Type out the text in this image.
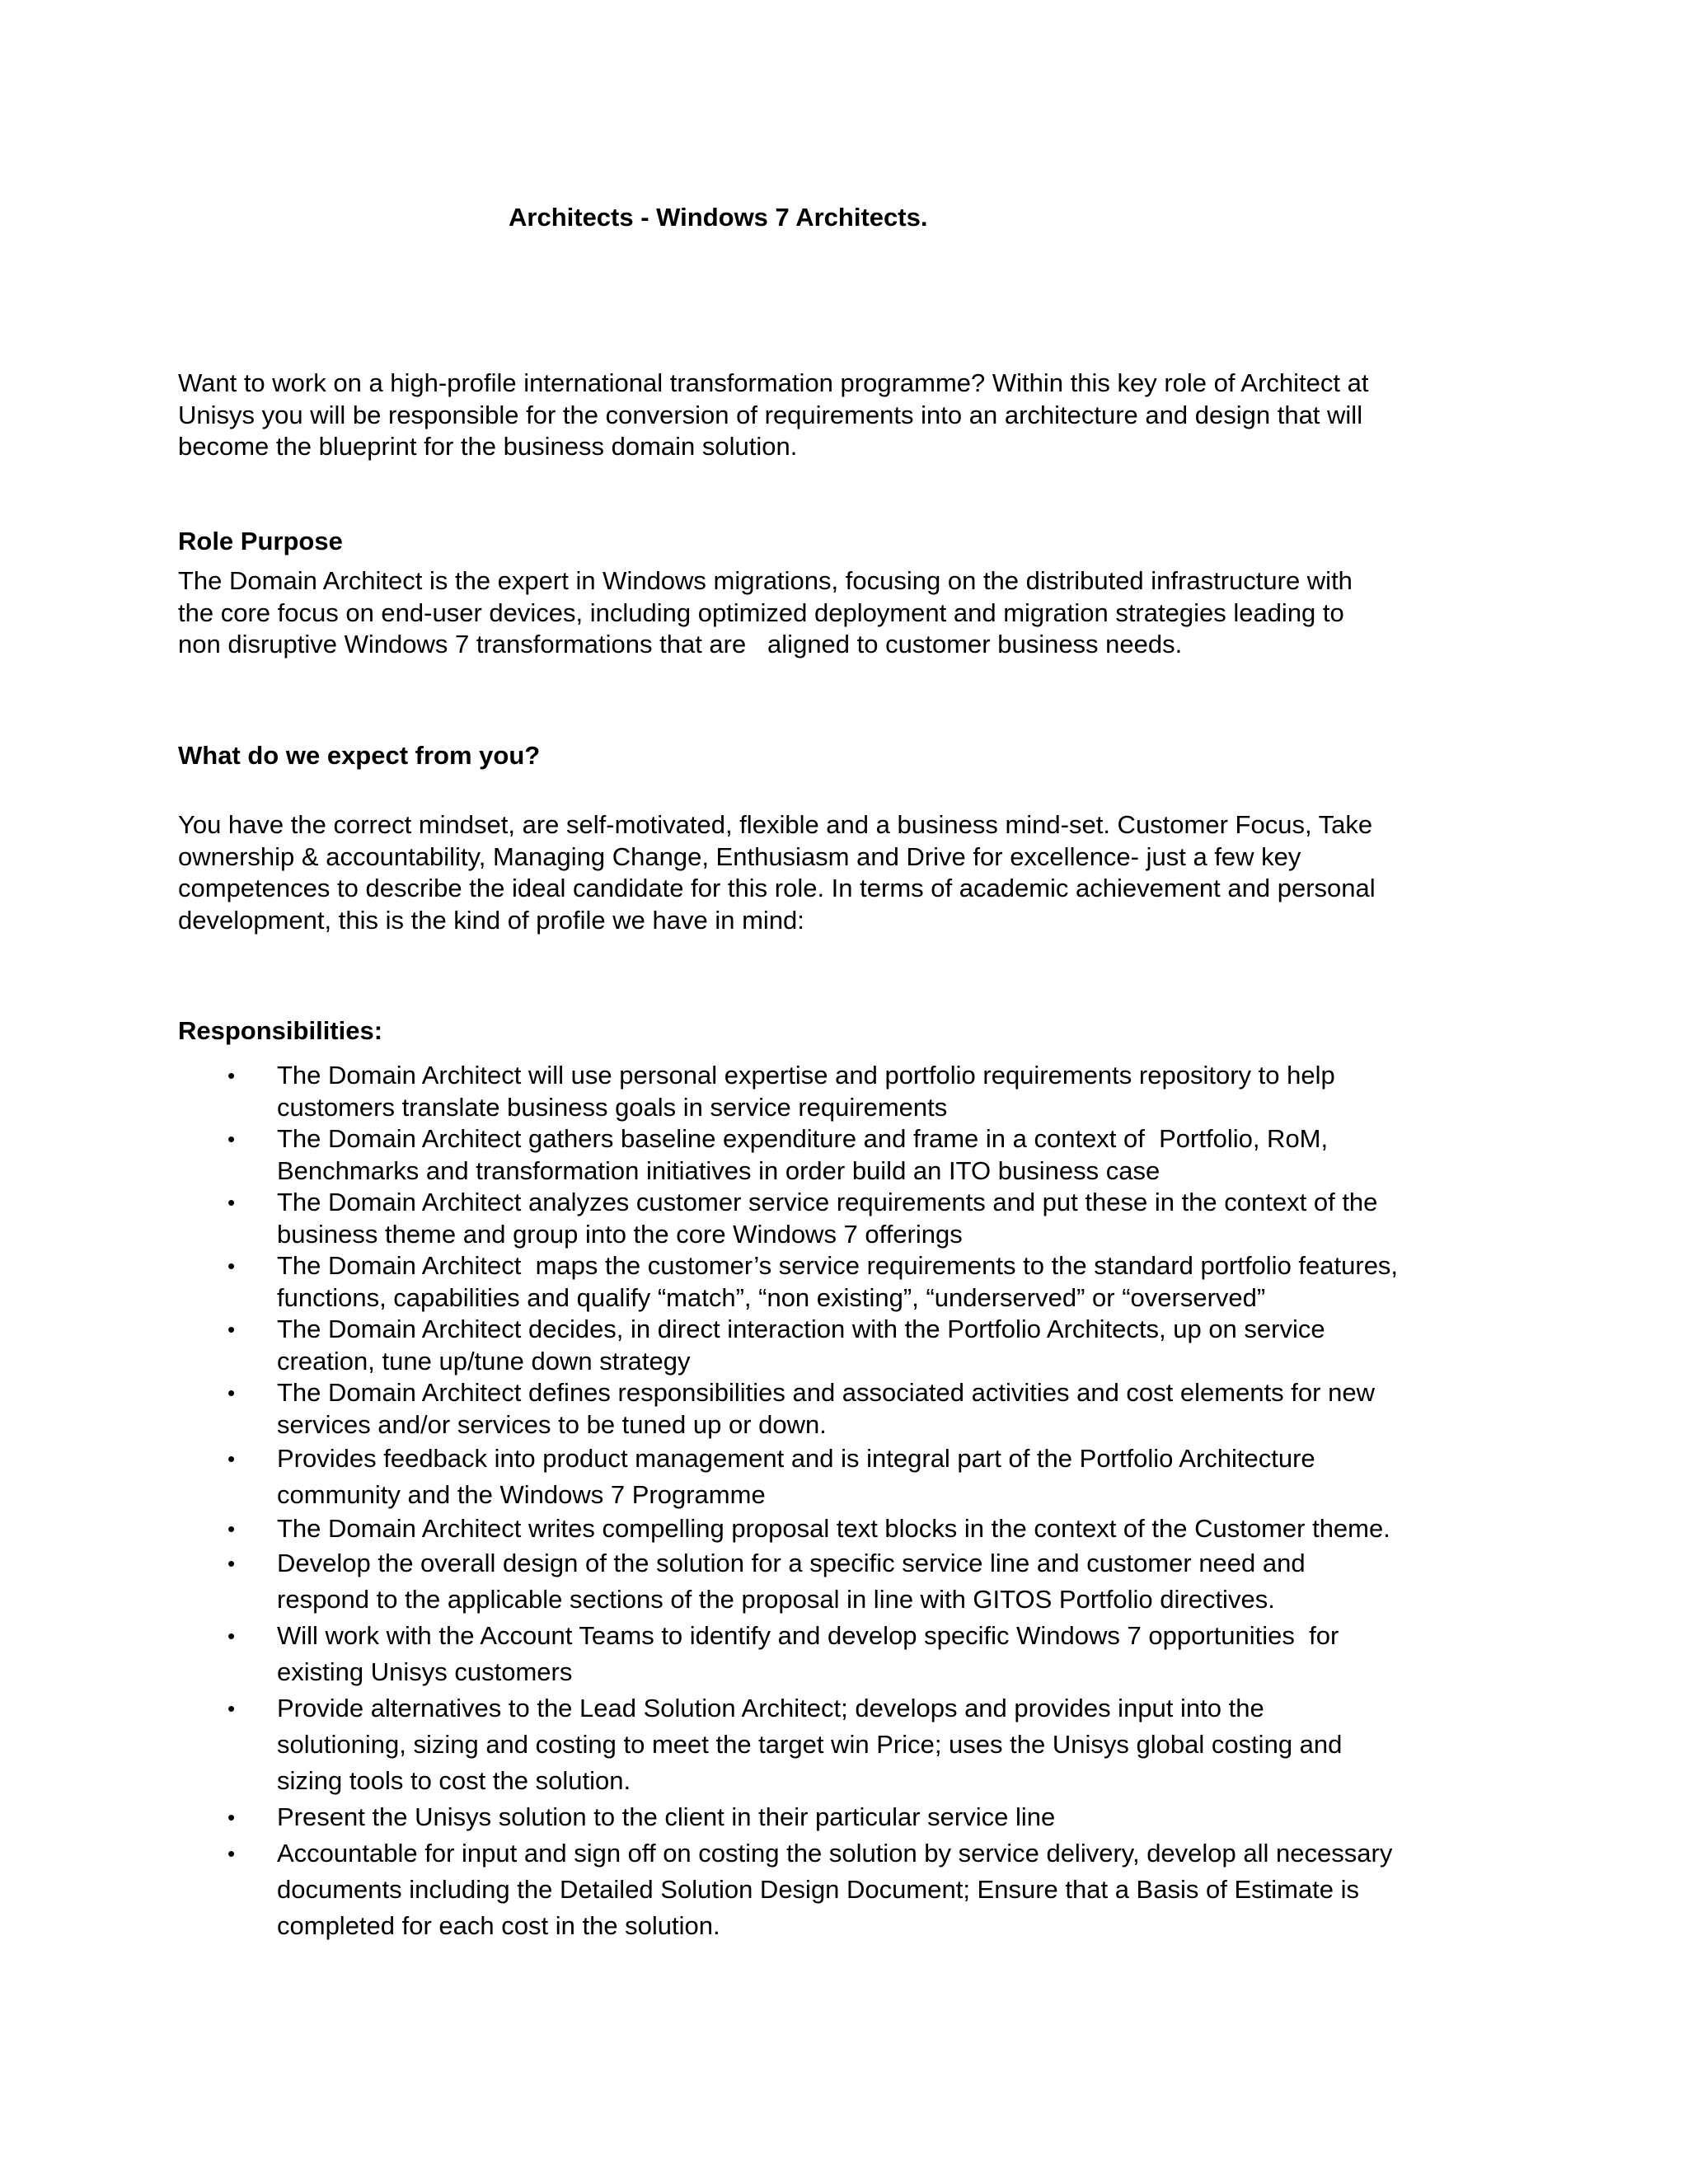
Architects - Windows 7 Architects.

Want to work on a high-profile international transformation programme? Within this key role of Architect at
Unisys you will be responsible for the conversion of requirements into an architecture and design that will
become the blueprint for the business domain solution.

Role Purpose

The Domain Architect is the expert in Windows migrations, focusing on the distributed infrastructure with
the core focus on end-user devices, including optimized deployment and migration strategies leading to
non disruptive Windows 7 transformations that are   aligned to customer business needs.

What do we expect from you?

You have the correct mindset, are self-motivated, flexible and a business mind-set. Customer Focus, Take
ownership & accountability, Managing Change, Enthusiasm and Drive for excellence- just a few key
competences to describe the ideal candidate for this role. In terms of academic achievement and personal
development, this is the kind of profile we have in mind:

Responsibilities:
•	The Domain Architect will use personal expertise and portfolio requirements repository to help
customers translate business goals in service requirements
•	The Domain Architect gathers baseline expenditure and frame in a context of  Portfolio, RoM,
Benchmarks and transformation initiatives in order build an ITO business case
•	The Domain Architect analyzes customer service requirements and put these in the context of the
business theme and group into the core Windows 7 offerings
•	The Domain Architect  maps the customer’s service requirements to the standard portfolio features,
functions, capabilities and qualify “match”, “non existing”, “underserved” or “overserved”
•	The Domain Architect decides, in direct interaction with the Portfolio Architects, up on service
creation, tune up/tune down strategy
•	The Domain Architect defines responsibilities and associated activities and cost elements for new
services and/or services to be tuned up or down.
•	Provides feedback into product management and is integral part of the Portfolio Architecture
community and the Windows 7 Programme
•	The Domain Architect writes compelling proposal text blocks in the context of the Customer theme.
•	Develop the overall design of the solution for a specific service line and customer need and
respond to the applicable sections of the proposal in line with GITOS Portfolio directives.
•	Will work with the Account Teams to identify and develop specific Windows 7 opportunities  for
existing Unisys customers
•	Provide alternatives to the Lead Solution Architect; develops and provides input into the
solutioning, sizing and costing to meet the target win Price; uses the Unisys global costing and
sizing tools to cost the solution.
•	Present the Unisys solution to the client in their particular service line
•	Accountable for input and sign off on costing the solution by service delivery, develop all necessary
documents including the Detailed Solution Design Document; Ensure that a Basis of Estimate is
completed for each cost in the solution.
